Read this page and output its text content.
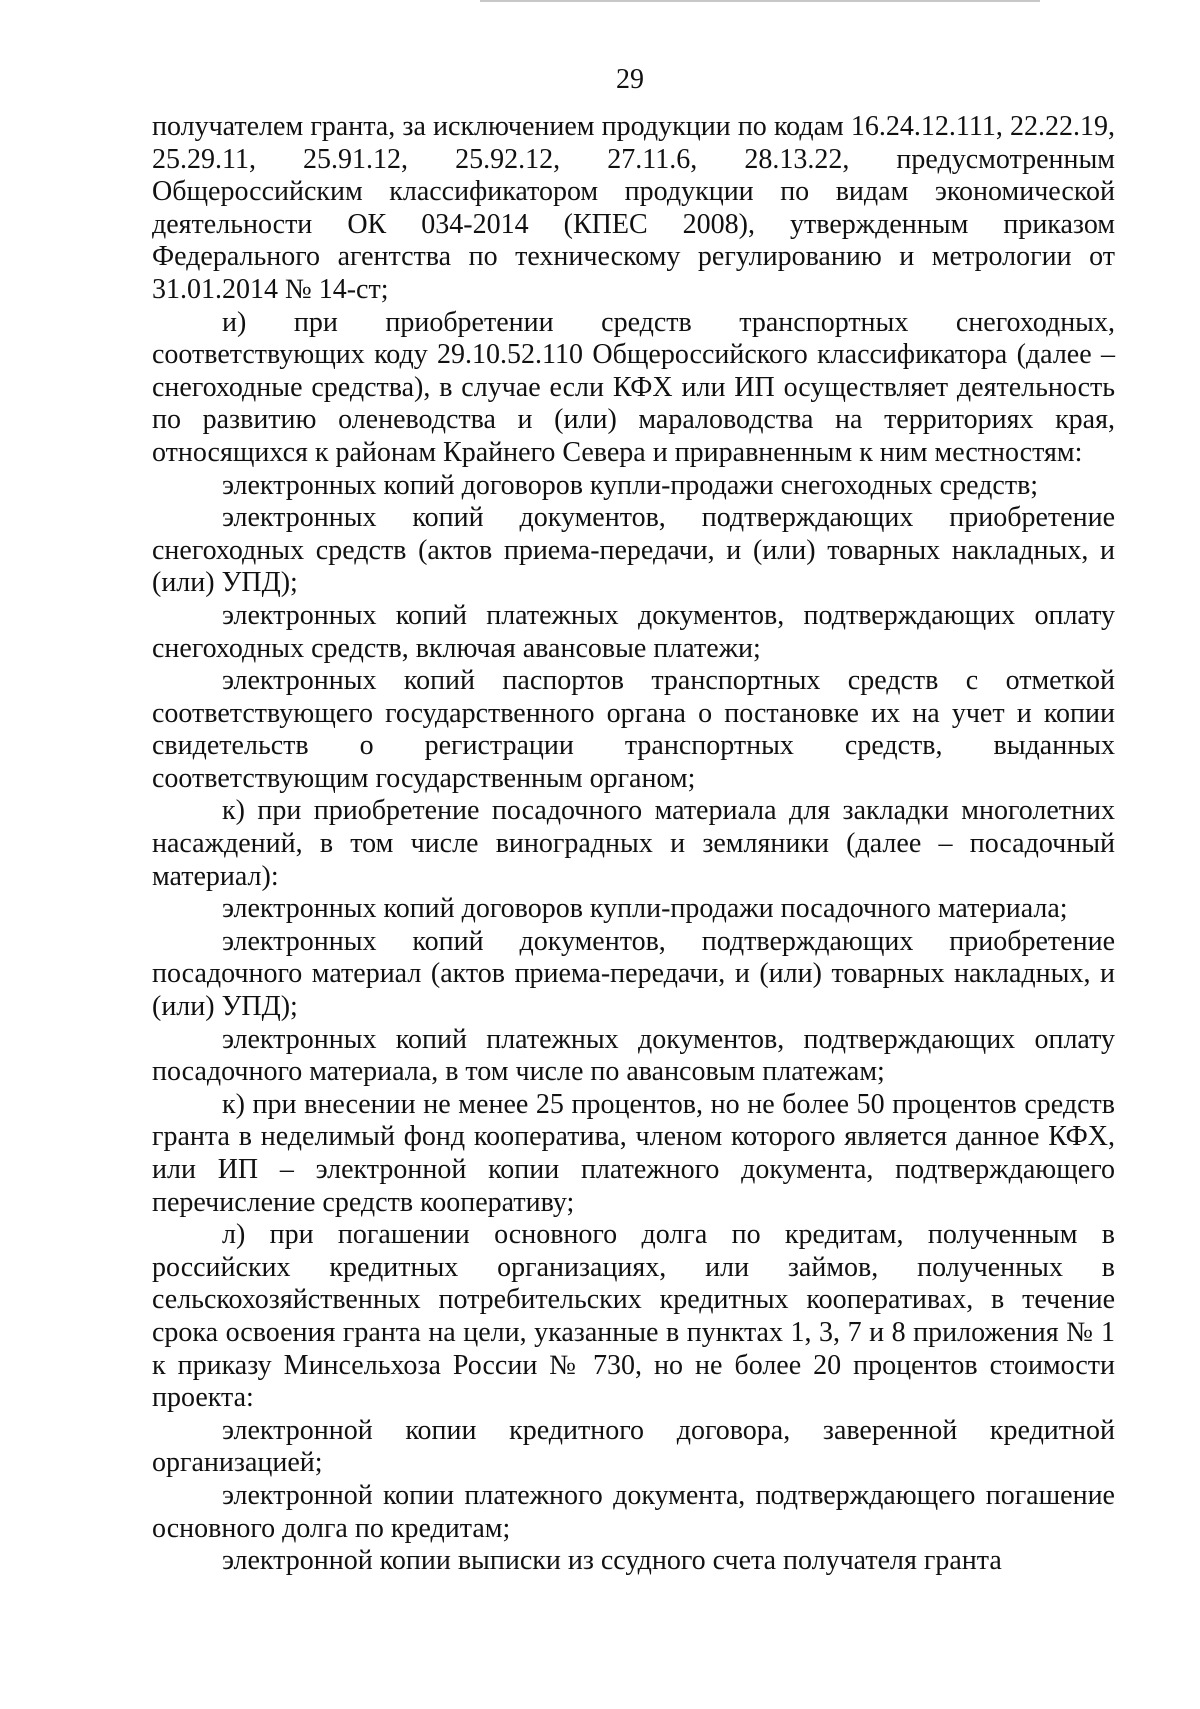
29

получателем гранта, за исключением продукции по кодам 16.24.12.111, 22.22.19, 25.29.11, 25.91.12, 25.92.12, 27.11.6, 28.13.22, предусмотренным Общероссийским классификатором продукции по видам экономической деятельности ОК 034-2014 (КПЕС 2008), утвержденным приказом Федерального агентства по техническому регулированию и метрологии от 31.01.2014 № 14-ст;

и) при приобретении средств транспортных снегоходных, соответствующих коду 29.10.52.110 Общероссийского классификатора (далее – снегоходные средства), в случае если КФХ или ИП осуществляет деятельность по развитию оленеводства и (или) мараловодства на территориях края, относящихся к районам Крайнего Севера и приравненным к ним местностям:

электронных копий договоров купли-продажи снегоходных средств;

электронных копий документов, подтверждающих приобретение снегоходных средств (актов приема-передачи, и (или) товарных накладных, и (или) УПД);

электронных копий платежных документов, подтверждающих оплату снегоходных средств, включая авансовые платежи;

электронных копий паспортов транспортных средств с отметкой соответствующего государственного органа о постановке их на учет и копии свидетельств о регистрации транспортных средств, выданных соответствующим государственным органом;

к) при приобретение посадочного материала для закладки многолетних насаждений, в том числе виноградных и земляники (далее – посадочный материал):

электронных копий договоров купли-продажи посадочного материала;

электронных копий документов, подтверждающих приобретение посадочного материал (актов приема-передачи, и (или) товарных накладных, и (или) УПД);

электронных копий платежных документов, подтверждающих оплату посадочного материала, в том числе по авансовым платежам;

к) при внесении не менее 25 процентов, но не более 50 процентов средств гранта в неделимый фонд кооператива, членом которого является данное КФХ, или ИП – электронной копии платежного документа, подтверждающего перечисление средств кооперативу;

л) при погашении основного долга по кредитам, полученным в российских кредитных организациях, или займов, полученных в сельскохозяйственных потребительских кредитных кооперативах, в течение срока освоения гранта на цели, указанные в пунктах 1, 3, 7 и 8 приложения № 1 к приказу Минсельхоза России № 730, но не более 20 процентов стоимости проекта:

электронной копии кредитного договора, заверенной кредитной организацией;

электронной копии платежного документа, подтверждающего погашение основного долга по кредитам;

электронной копии выписки из ссудного счета получателя гранта
